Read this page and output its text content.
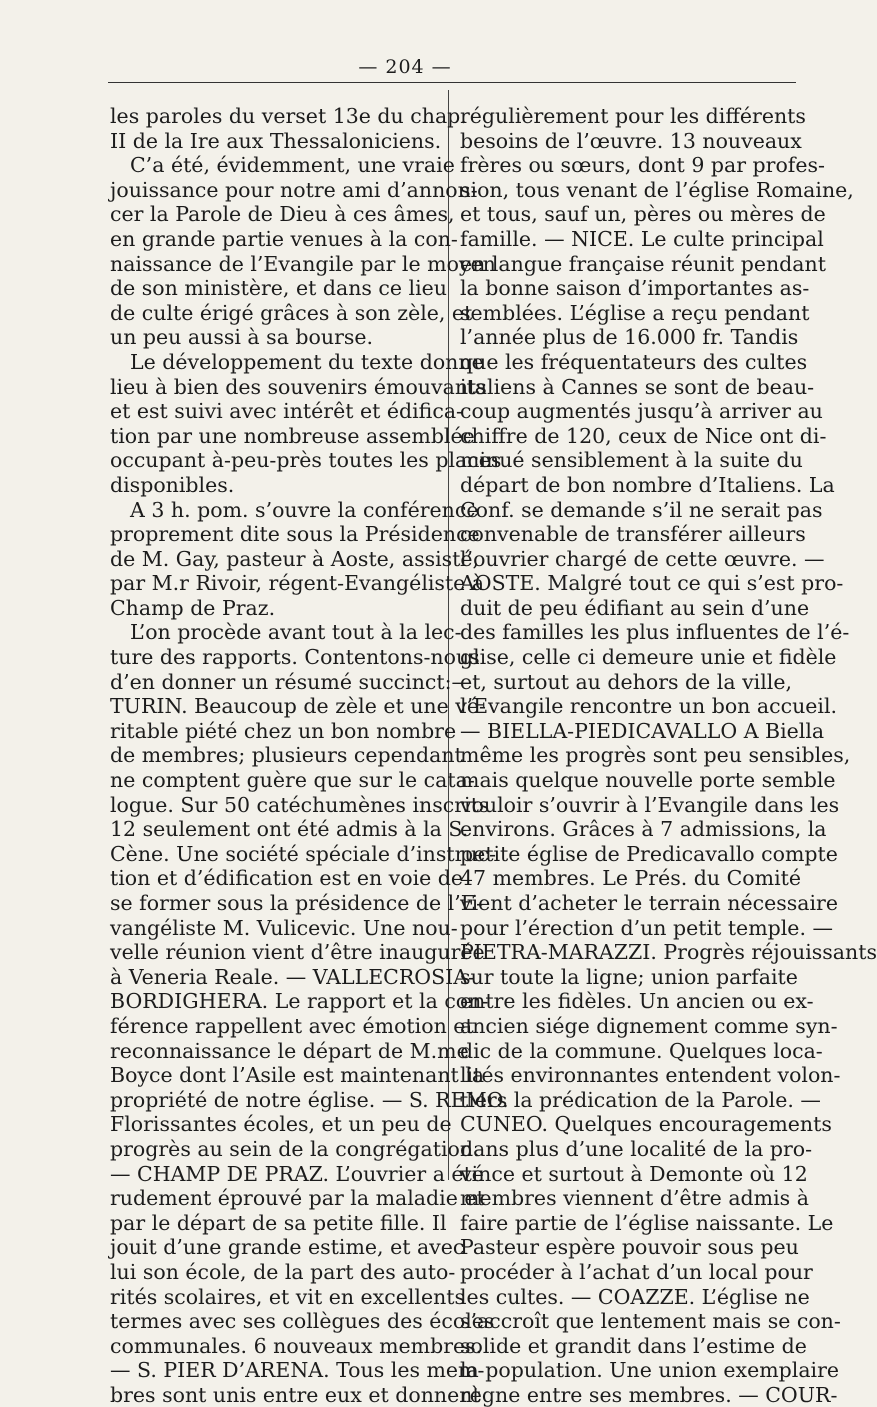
— 204 —
les paroles du verset 13e du chap.
II de la Ire aux Thessaloniciens.
C’a été, évidemment, une vraie
jouissance pour notre ami d’annon-
cer la Parole de Dieu à ces âmes,
en grande partie venues à la con-
naissance de l’Evangile par le moyen
de son ministère, et dans ce lieu
de culte érigé grâces à son zèle, et
un peu aussi à sa bourse.
Le développement du texte donne
lieu à bien des souvenirs émouvants
et est suivi avec intérêt et édifica-
tion par une nombreuse assemblée
occupant à-peu-près toutes les places
disponibles.
A 3 h. pom. s’ouvre la conférence
proprement dite sous la Présidence
de M. Gay, pasteur à Aoste, assisté,
par M.r Rivoir, régent-Evangéliste à
Champ de Praz.
L’on procède avant tout à la lec-
ture des rapports. Contentons-nous
d’en donner un résumé succinct:—
TURIN. Beaucoup de zèle et une vé-
ritable piété chez un bon nombre
de membres; plusieurs cependant
ne comptent guère que sur le cata-
logue. Sur 50 catéchumènes inscrits
12 seulement ont été admis à la S.
Cène. Une société spéciale d’instruc-
tion et d’édification est en voie de
se former sous la présidence de l’E-
vangéliste M. Vulicevic. Une nou-
velle réunion vient d’être inaugurée
à Veneria Reale. — VALLECROSIA-
BORDIGHERA. Le rapport et la con-
férence rappellent avec émotion et
reconnaissance le départ de M.me
Boyce dont l’Asile est maintenant la
propriété de notre église. — S. REMO.
Florissantes écoles, et un peu de
progrès au sein de la congrégation.
— CHAMP DE PRAZ. L’ouvrier a été
rudement éprouvé par la maladie et
par le départ de sa petite fille. Il
jouit d’une grande estime, et avec
lui son école, de la part des auto-
rités scolaires, et vit en excellents
termes avec ses collègues des écoles
communales. 6 nouveaux membres.
— S. PIER D’ARENA. Tous les mem-
bres sont unis entre eux et donnent
régulièrement pour les différents
besoins de l’œuvre. 13 nouveaux
frères ou sœurs, dont 9 par profes-
sion, tous venant de l’église Romaine,
et tous, sauf un, pères ou mères de
famille. — NICE. Le culte principal
en langue française réunit pendant
la bonne saison d’importantes as-
semblées. L’église a reçu pendant
l’année plus de 16.000 fr. Tandis
que les fréquentateurs des cultes
italiens à Cannes se sont de beau-
coup augmentés jusqu’à arriver au
chiffre de 120, ceux de Nice ont di-
minué sensiblement à la suite du
départ de bon nombre d’Italiens. La
Conf. se demande s’il ne serait pas
convenable de transférer ailleurs
l’ouvrier chargé de cette œuvre. —
AOSTE. Malgré tout ce qui s’est pro-
duit de peu édifiant au sein d’une
des familles les plus influentes de l’é-
glise, celle ci demeure unie et fidèle
et, surtout au dehors de la ville,
l’Evangile rencontre un bon accueil.
— BIELLA-PIEDICAVALLO A Biella
même les progrès sont peu sensibles,
mais quelque nouvelle porte semble
vouloir s’ouvrir à l’Evangile dans les
environs. Grâces à 7 admissions, la
petite église de Predicavallo compte
47 membres. Le Prés. du Comité
vient d’acheter le terrain nécessaire
pour l’érection d’un petit temple. —
PIETRA-MARAZZI. Progrès réjouissants
sur toute la ligne; union parfaite
entre les fidèles. Un ancien ou ex-
ancien siége dignement comme syn-
dic de la commune. Quelques loca-
lités environnantes entendent volon-
tiers la prédication de la Parole. —
CUNEO. Quelques encouragements
dans plus d’une localité de la pro-
vince et surtout à Demonte où 12
membres viennent d’être admis à
faire partie de l’église naissante. Le
Pasteur espère pouvoir sous peu
procéder à l’achat d’un local pour
les cultes. — COAZZE. L’église ne
s’accroît que lentement mais se con-
solide et grandit dans l’estime de
la population. Une union exemplaire
règne entre ses membres. — COUR-
